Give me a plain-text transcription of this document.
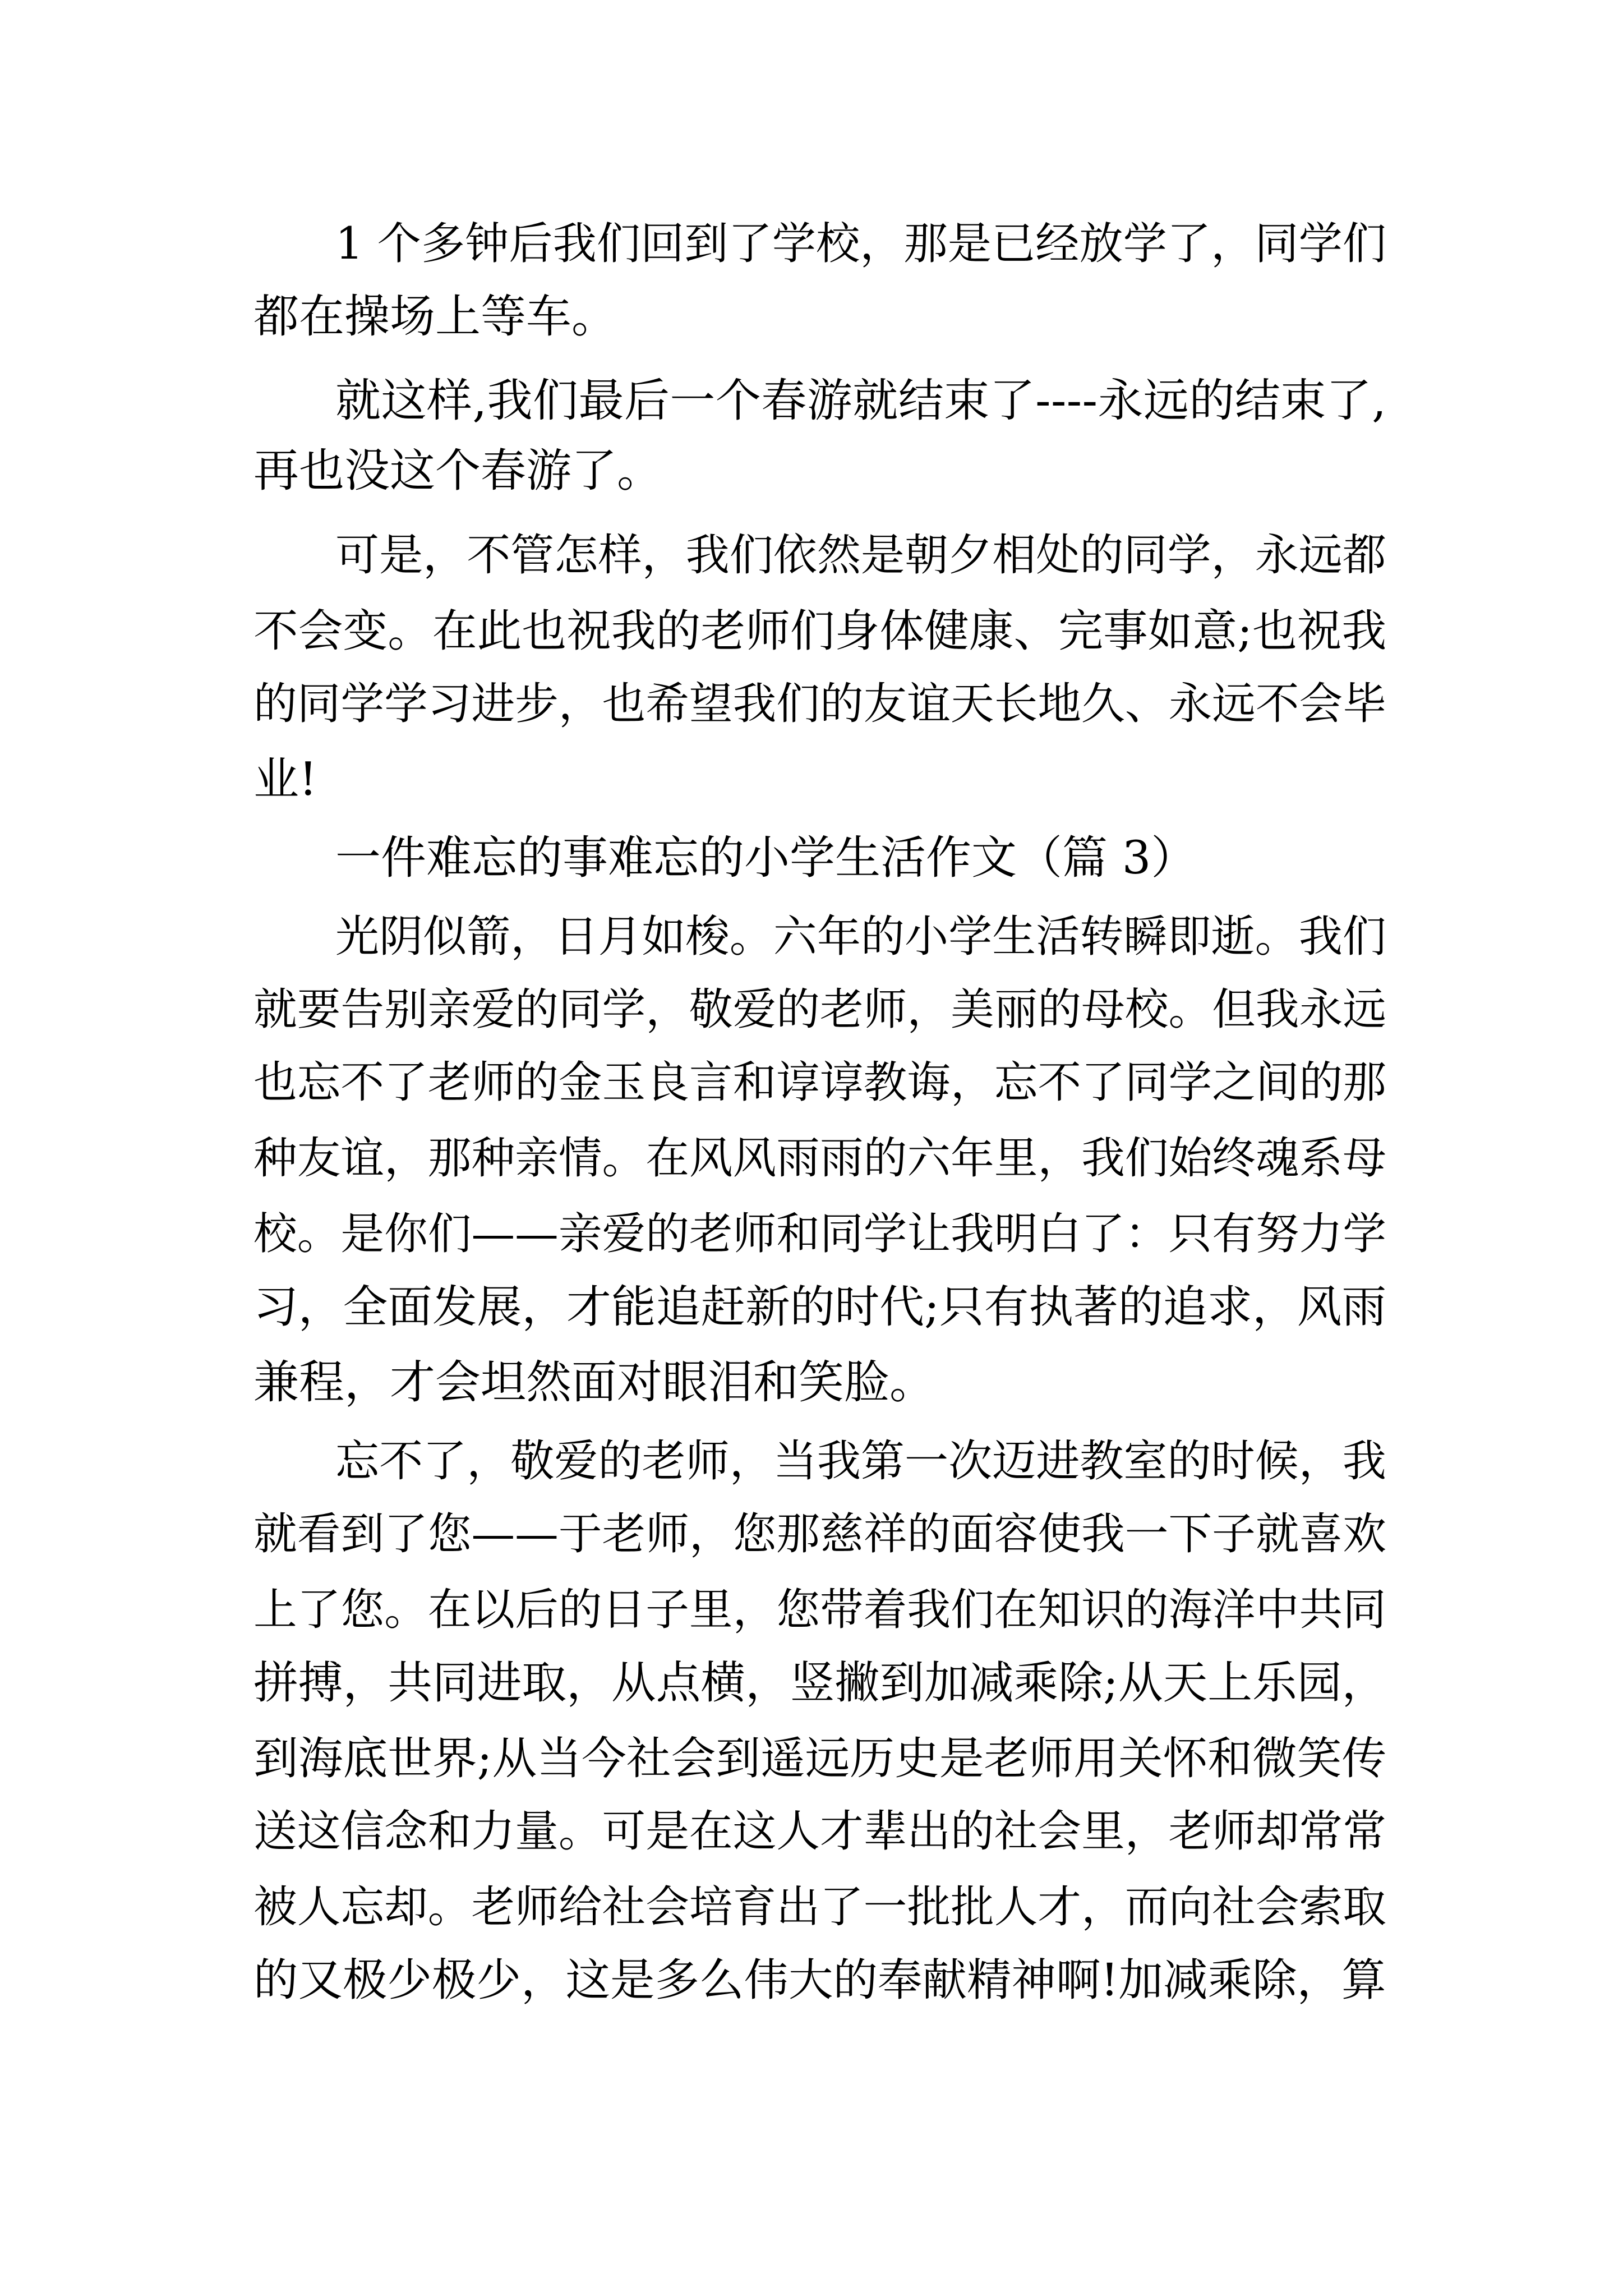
1 个多钟后我们回到了学校，那是已经放学了，同学们
都在操场上等车。
就这样,我们最后一个春游就结束了----永远的结束了,
再也没这个春游了。
可是，不管怎样，我们依然是朝夕相处的同学，永远都
不会变。在此也祝我的老师们身体健康、完事如意;也祝我
的同学学习进步，也希望我们的友谊天长地久、永远不会毕
业!
一件难忘的事难忘的小学生活作文（篇 3）
光阴似箭，日月如梭。六年的小学生活转瞬即逝。我们
就要告别亲爱的同学，敬爱的老师，美丽的母校。但我永远
也忘不了老师的金玉良言和谆谆教诲，忘不了同学之间的那
种友谊，那种亲情。在风风雨雨的六年里，我们始终魂系母
校。是你们——亲爱的老师和同学让我明白了：只有努力学
习，全面发展，才能追赶新的时代;只有执著的追求，风雨
兼程，才会坦然面对眼泪和笑脸。
忘不了，敬爱的老师，当我第一次迈进教室的时候，我
就看到了您——于老师，您那慈祥的面容使我一下子就喜欢
上了您。在以后的日子里，您带着我们在知识的海洋中共同
拼搏，共同进取，从点横，竖撇到加减乘除;从天上乐园，
到海底世界;从当今社会到遥远历史是老师用关怀和微笑传
送这信念和力量。可是在这人才辈出的社会里，老师却常常
被人忘却。老师给社会培育出了一批批人才，而向社会索取
的又极少极少，这是多么伟大的奉献精神啊!加减乘除，算
